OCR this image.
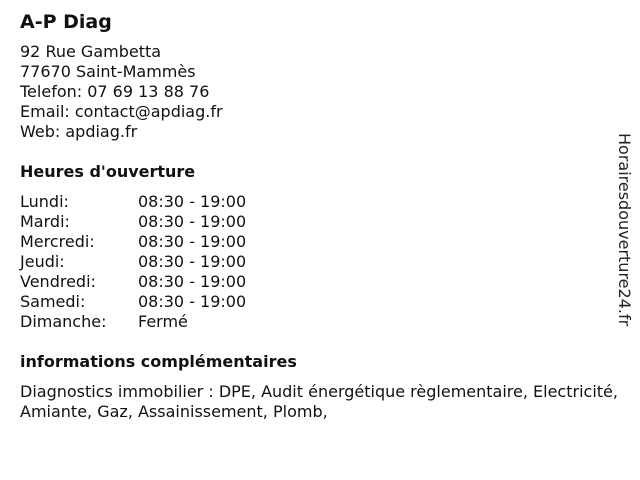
A-P Diag
92 Rue Gambetta
77670 Saint-Mammès
Telefon: 07 69 13 88 76
Email: contact@apdiag.fr
Web: apdiag.fr
Heures d'ouverture
Lundi:	08:30 - 19:00
Mardi:	08:30 - 19:00
Mercredi:	08:30 - 19:00
Jeudi:	08:30 - 19:00
Vendredi:	08:30 - 19:00
Samedi:	08:30 - 19:00
Dimanche:	Fermé
informations complémentaires
Diagnostics immobilier : DPE, Audit énergétique règlementaire, Electricité, Amiante, Gaz, Assainissement, Plomb,
Horairesdouverture24.fr
